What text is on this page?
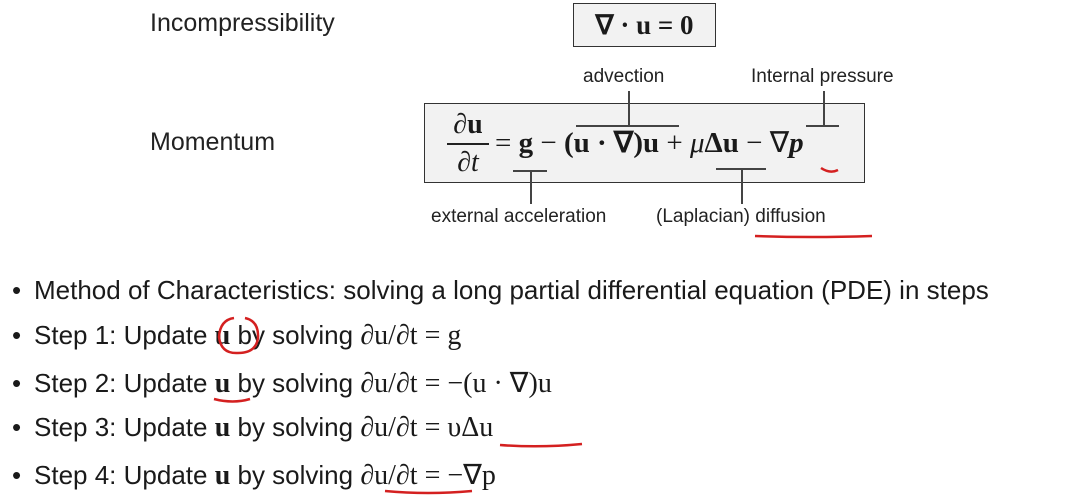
Incompressibility
Momentum
∇ · u = 0
∂u
∂t
= g − (u · ∇)u + μΔu − ∇p
advection	Internal pressure
external acceleration	(Laplacian) diffusion
• Method of Characteristics: solving a long partial differential equation (PDE) in steps
• Step 1: Update u by solving ∂u/∂t = g
• Step 2: Update u by solving ∂u/∂t = −(u · ∇)u
• Step 3: Update u by solving ∂u/∂t = υΔu
• Step 4: Update u by solving ∂u/∂t = −∇p
